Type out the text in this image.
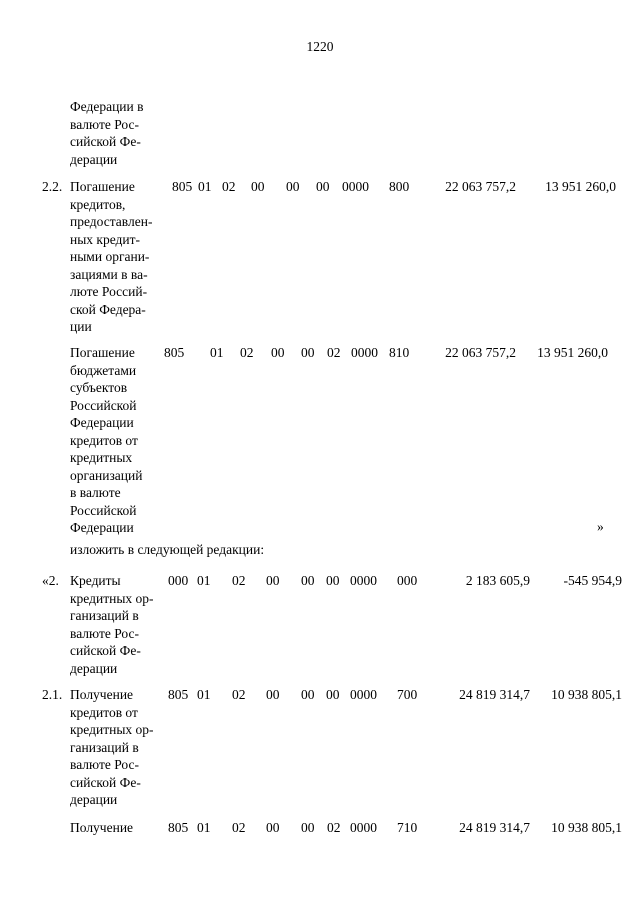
1220
Федерации в
валюте Рос-
сийской Фе-
дерации
2.2. Погашение
кредитов,
предоставлен-
ных кредит-
ными органи-
зациями в ва-
люте Россий-
ской Федера-
ции
805 01 02 00 00 00 0000 800	22 063 757,2	13 951 260,0
Погашение
бюджетами
субъектов
Российской
Федерации
кредитов от
кредитных
организаций
в валюте
Российской
Федерации
805 01 02 00 00 02 0000 810	22 063 757,2	13 951 260,0
»
изложить в следующей редакции:
«2. Кредиты
кредитных ор-
ганизаций в
валюте Рос-
сийской Фе-
дерации
000 01 02 00 00 00 0000 000	2 183 605,9	-545 954,9
2.1. Получение
кредитов от
кредитных ор-
ганизаций в
валюте Рос-
сийской Фе-
дерации
805 01 02 00 00 00 0000 700	24 819 314,7	10 938 805,1
Получение	805 01 02 00 00 02 0000 710	24 819 314,7	10 938 805,1
